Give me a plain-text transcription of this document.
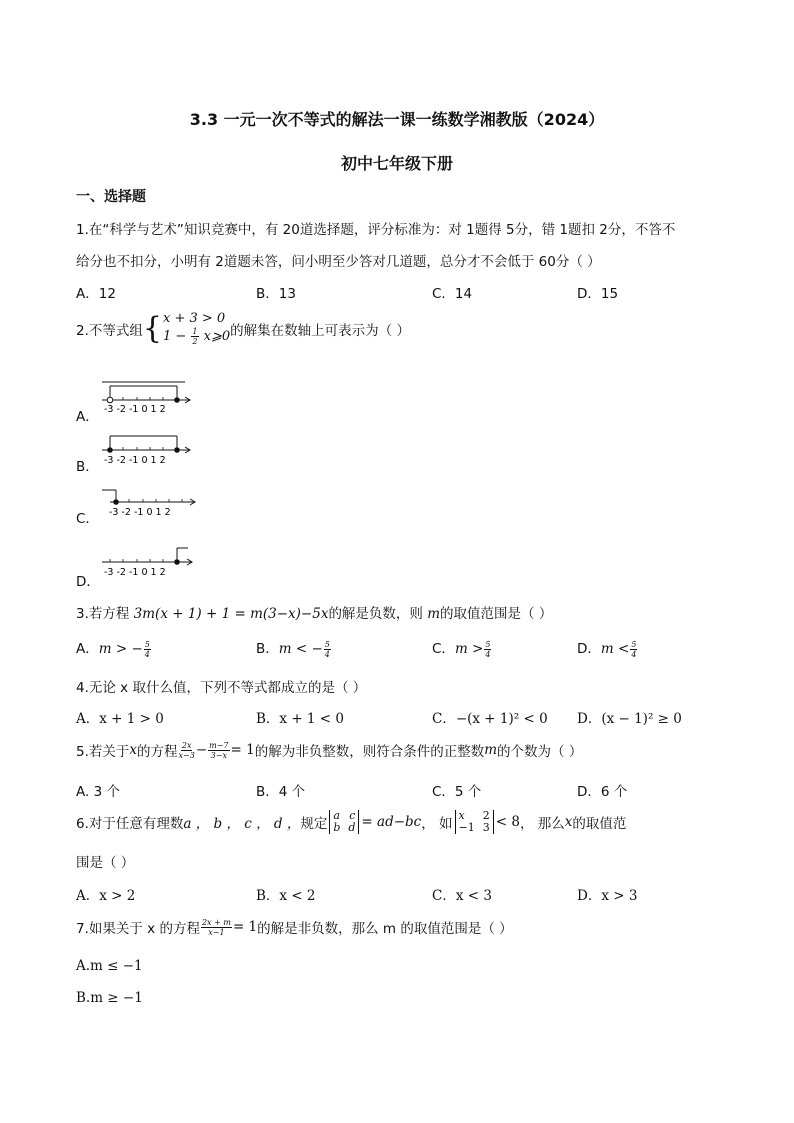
3.3 一元一次不等式的解法一课一练数学湘教版（2024）
初中七年级下册
一、选择题
1.在“科学与艺术”知识竞赛中，有 20道选择题，评分标准为：对 1题得 5分，错 1题扣 2分，不答不
给分也不扣分，小明有 2道题未答，问小明至少答对几道题，总分才不会低于 60分（ ）
A．12	B．13	C．14	D．15
2.不等式组 { x + 3 > 0
$1 - \frac{1}{2}$ x⩾0 的解集在数轴上可表示为（ ）
A．
B．
C．
D．
-3 -2 -1 0 1 2
-3 -2 -1 0 1 2
-3 -2 -1 0 1 2
-3 -2 -1 0 1 2
3.若方程 3m(x + 1) + 1 = m(3−x)−5x的解是负数，则 m的取值范围是（ ）
A．m > − $\frac{5}{4}$	B．m < − $\frac{5}{4}$	C．$m > \frac{5}{4}$	D．$m < \frac{5}{4}$
4.无论 x 取什么值，下列不等式都成立的是（ ）
A．x + 1 > 0	B．x + 1 < 0	C．−(x + 1)² < 0 D．(x − 1)² ≥ 0
5.若关于 x 的方程 $\frac{2x}{x-3} - \frac{m-7}{3-x} = 1$ 的解为非负整数，则符合条件的正整数 m 的个数为（ ）
A. 3 个	B．4 个	C．5 个	D．6 个
6.对于任意有理数 a ， b ， c ， d ， 规定
a c
b d = ad−bc ， 如
x 2
−1 3 < 8 ， 那么 x 的取值范
围是（ ）
A．x > 2	B．x < 2	C．x < 3	D．x > 3
7.如果关于 x 的方程 $\frac{2x + m}{x-1} = 1$ 的解是非负数，那么 m 的取值范围是（ ）
A.m ≤ −1
B.m ≥ −1
